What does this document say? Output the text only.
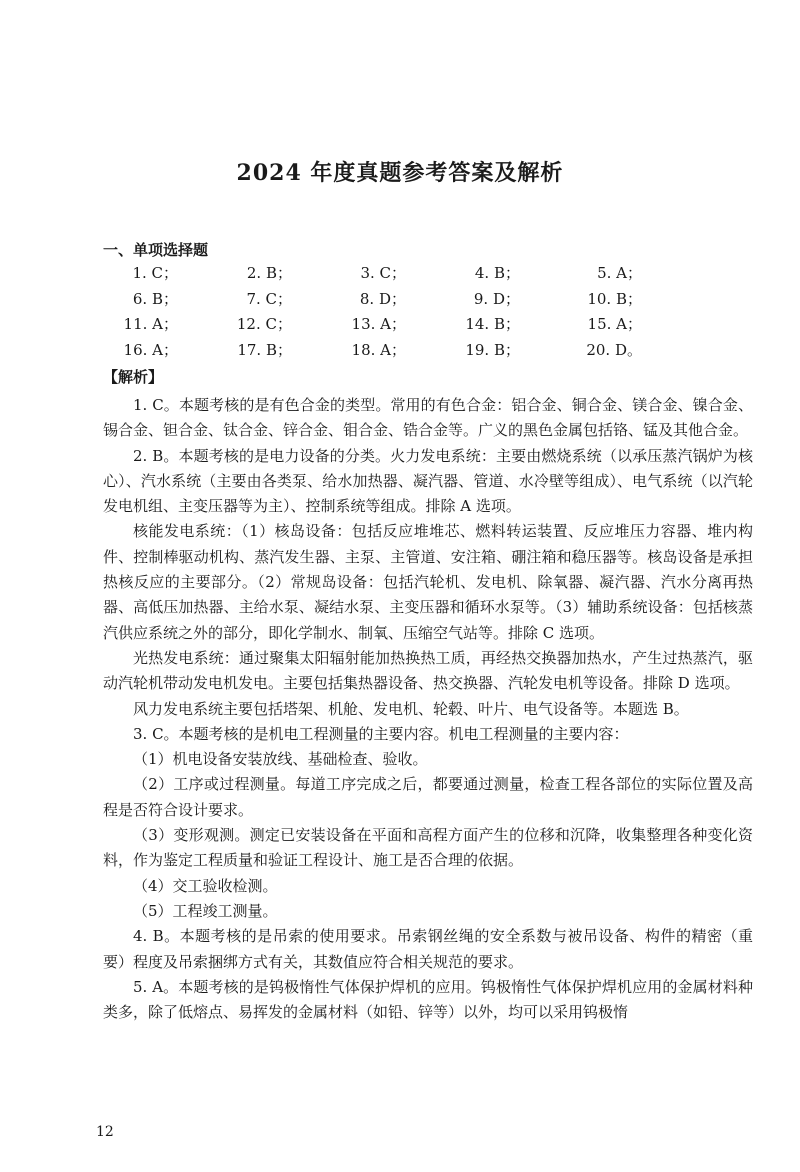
2024 年度真题参考答案及解析
一、单项选择题
1. C；	2. B；	3. C；	4. B；	5. A；
6. B；	7. C；	8. D；	9. D；	10. B；
11. A；	12. C；	13. A；	14. B；	15. A；
16. A；	17. B；	18. A；	19. B；	20. D。
【解析】

1. C。本题考核的是有色合金的类型。常用的有色合金：铝合金、铜合金、镁合金、镍合金、锡合金、钽合金、钛合金、锌合金、钼合金、锆合金等。广义的黑色金属包括铬、锰及其他合金。

2. B。本题考核的是电力设备的分类。火力发电系统：主要由燃烧系统（以承压蒸汽锅炉为核心）、汽水系统（主要由各类泵、给水加热器、凝汽器、管道、水冷壁等组成）、电气系统（以汽轮发电机组、主变压器等为主）、控制系统等组成。排除 A 选项。

核能发电系统：（1）核岛设备：包括反应堆堆芯、燃料转运装置、反应堆压力容器、堆内构件、控制棒驱动机构、蒸汽发生器、主泵、主管道、安注箱、硼注箱和稳压器等。核岛设备是承担热核反应的主要部分。（2）常规岛设备：包括汽轮机、发电机、除氧器、凝汽器、汽水分离再热器、高低压加热器、主给水泵、凝结水泵、主变压器和循环水泵等。（3）辅助系统设备：包括核蒸汽供应系统之外的部分，即化学制水、制氧、压缩空气站等。排除 C 选项。

光热发电系统：通过聚集太阳辐射能加热换热工质，再经热交换器加热水，产生过热蒸汽，驱动汽轮机带动发电机发电。主要包括集热器设备、热交换器、汽轮发电机等设备。排除 D 选项。

风力发电系统主要包括塔架、机舱、发电机、轮毂、叶片、电气设备等。本题选 B。

3. C。本题考核的是机电工程测量的主要内容。机电工程测量的主要内容：

（1）机电设备安装放线、基础检查、验收。

（2）工序或过程测量。每道工序完成之后，都要通过测量，检查工程各部位的实际位置及高程是否符合设计要求。

（3）变形观测。测定已安装设备在平面和高程方面产生的位移和沉降，收集整理各种变化资料，作为鉴定工程质量和验证工程设计、施工是否合理的依据。

（4）交工验收检测。

（5）工程竣工测量。

4. B。本题考核的是吊索的使用要求。吊索钢丝绳的安全系数与被吊设备、构件的精密（重要）程度及吊索捆绑方式有关，其数值应符合相关规范的要求。

5. A。本题考核的是钨极惰性气体保护焊机的应用。钨极惰性气体保护焊机应用的金属材料种类多，除了低熔点、易挥发的金属材料（如铅、锌等）以外，均可以采用钨极惰

12
